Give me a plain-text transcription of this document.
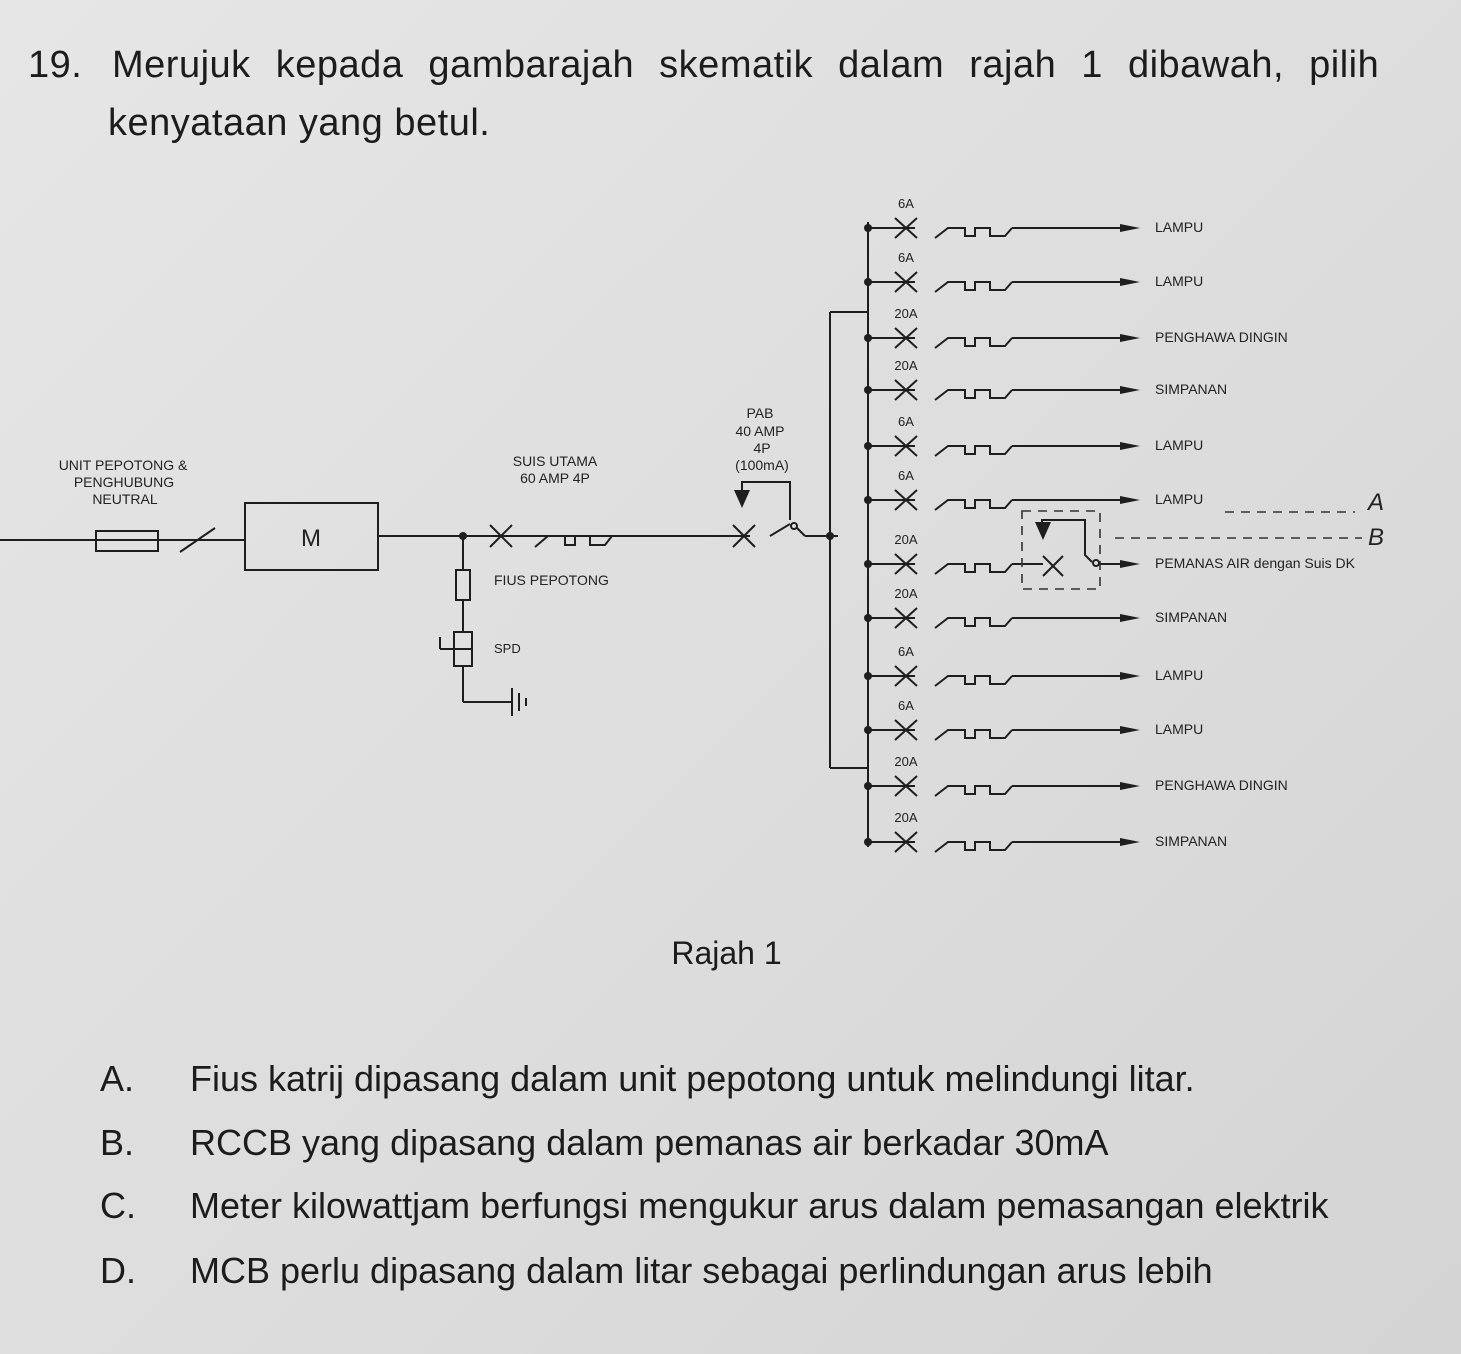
19. Merujuk kepada gambarajah skematik dalam rajah 1 dibawah, pilih
kenyataan yang betul.
6A
LAMPU
6A
LAMPU
20A
PENGHAWA DINGIN
20A
SIMPANAN
6A
LAMPU
6A
LAMPU
20A
PEMANAS AIR dengan Suis DK
20A
SIMPANAN
6A
LAMPU
6A
LAMPU
20A
PENGHAWA DINGIN
20A
SIMPANAN
UNIT PEPOTONG &
PENGHUBUNG
NEUTRAL
M
SUIS UTAMA
60 AMP 4P
FIUS PEPOTONG
SPD
PAB
40 AMP
4P
(100mA)
A
B
Rajah 1
A. Fius katrij dipasang dalam unit pepotong untuk melindungi litar.
B. RCCB yang dipasang dalam pemanas air berkadar 30mA
C. Meter kilowattjam berfungsi mengukur arus dalam pemasangan elektrik
D. MCB perlu dipasang dalam litar sebagai perlindungan arus lebih
